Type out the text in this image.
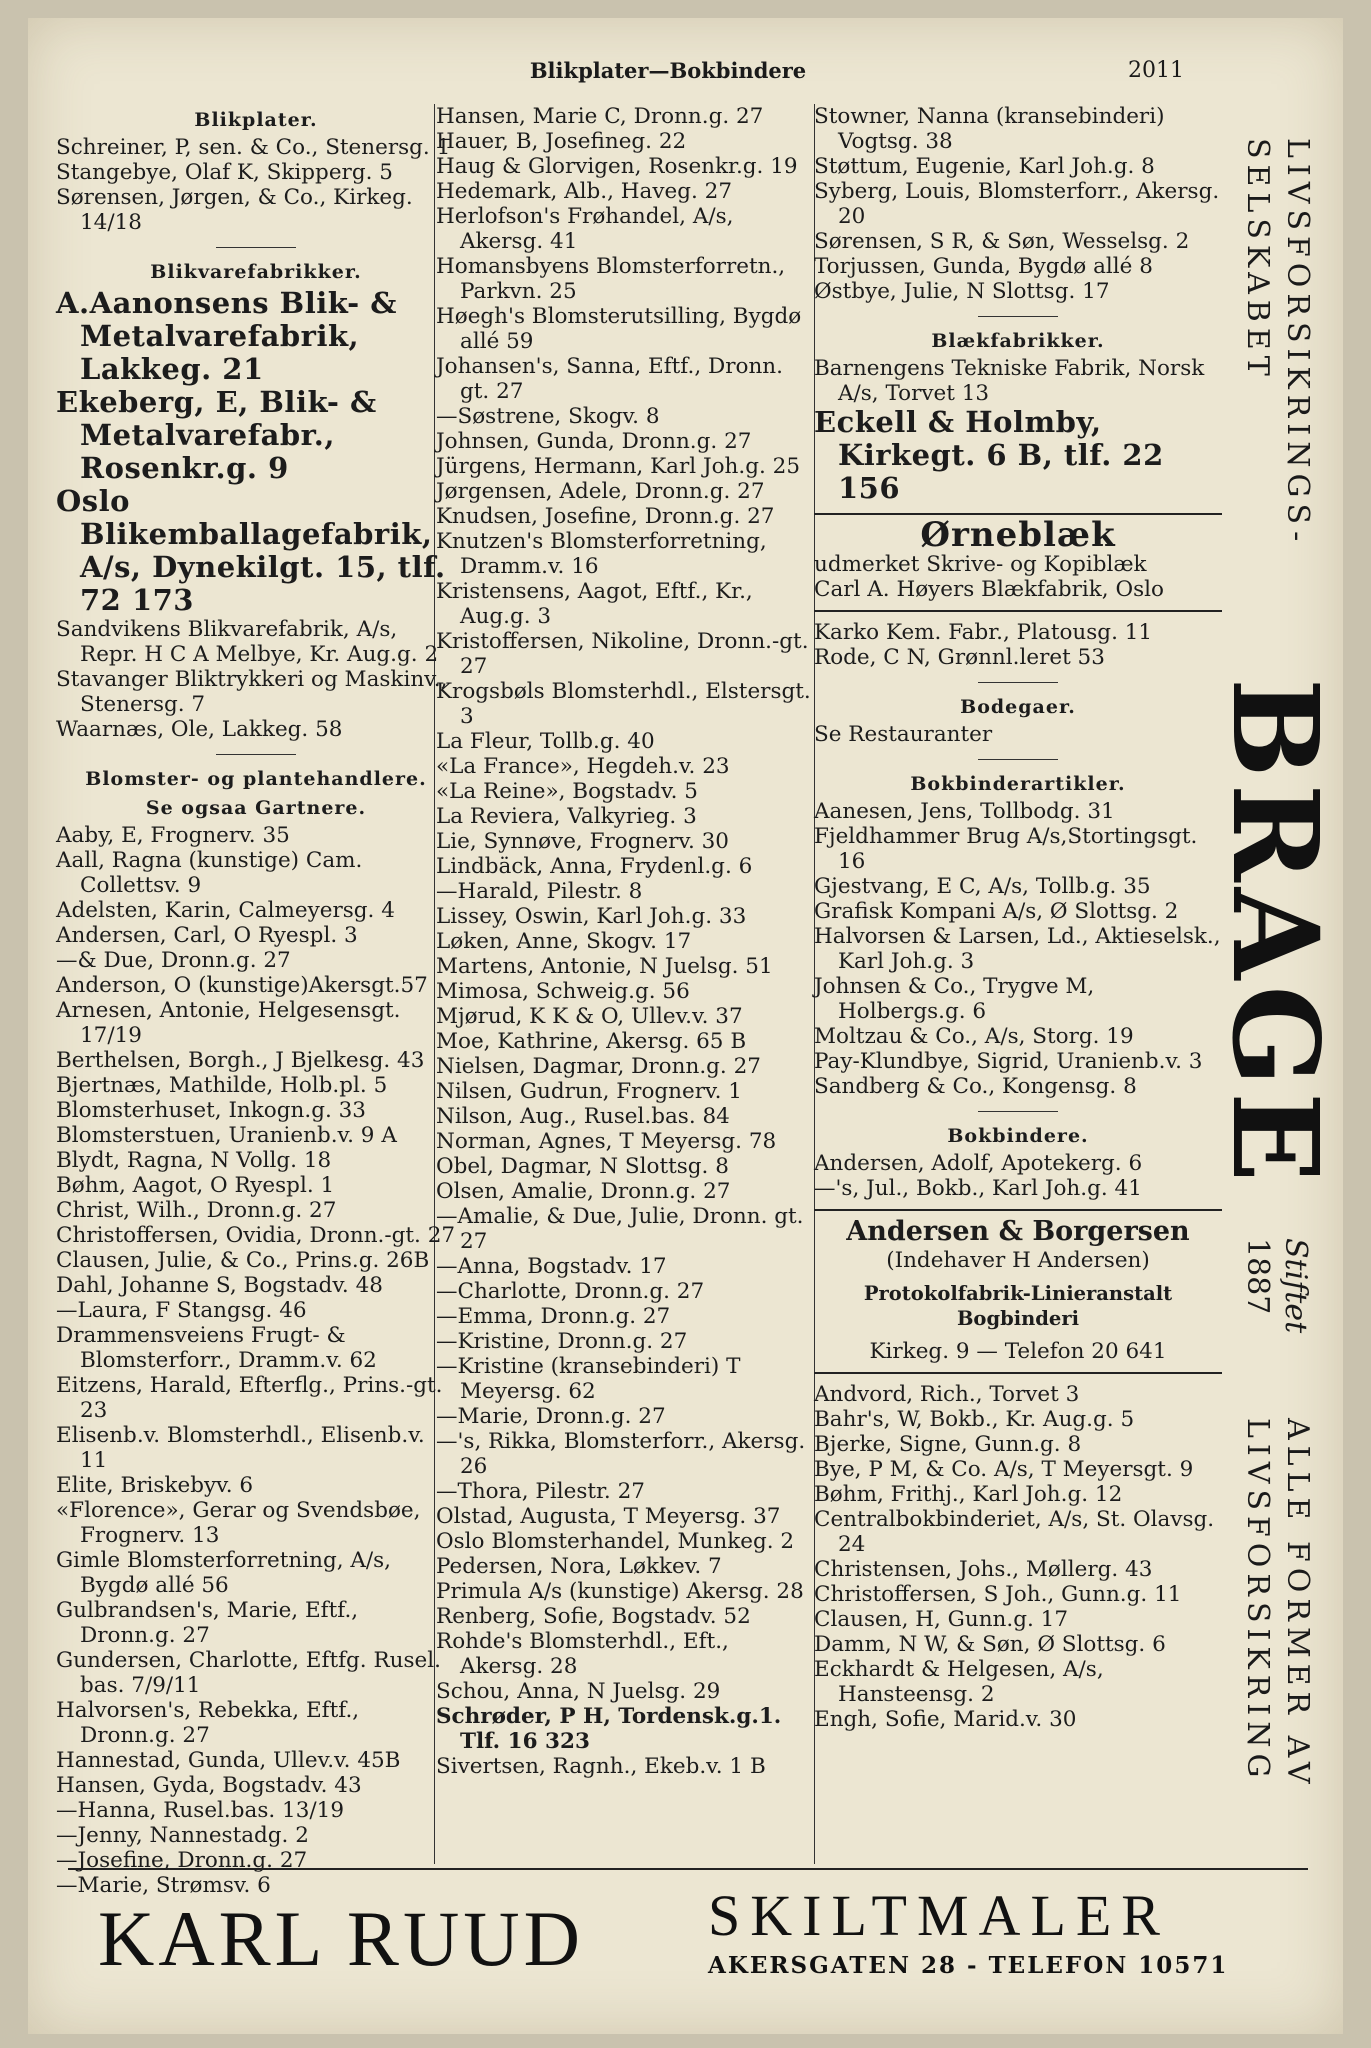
Blikplater—Bokbindere	2011
Blikplater.
Schreiner, P, sen. & Co., Stenersg. 1
Stangebye, Olaf K, Skipperg. 5
Sørensen, Jørgen, & Co., Kirkeg. 14/18
Blikvarefabrikker.
A.Aanonsens Blik- & Metalvarefabrik, Lakkeg. 21
Ekeberg, E, Blik- & Metalvarefabr., Rosenkr.g. 9
Oslo Blikemballagefabrik, A/s, Dynekilgt. 15, tlf. 72 173
Sandvikens Blikvarefabrik, A/s, Repr. H C A Melbye, Kr. Aug.g. 2
Stavanger Bliktrykkeri og Maskinv., Stenersg. 7
Waarnæs, Ole, Lakkeg. 58
Blomster- og plantehandlere.
Se ogsaa Gartnere.
Aaby, E, Frognerv. 35
Aall, Ragna (kunstige) Cam. Collettsv. 9
Adelsten, Karin, Calmeyersg. 4
Andersen, Carl, O Ryespl. 3
—& Due, Dronn.g. 27
Anderson, O (kunstige)Akersgt.57
Arnesen, Antonie, Helgesensgt. 17/19
Berthelsen, Borgh., J Bjelkesg. 43
Bjertnæs, Mathilde, Holb.pl. 5
Blomsterhuset, Inkogn.g. 33
Blomsterstuen, Uranienb.v. 9 A
Blydt, Ragna, N Vollg. 18
Bøhm, Aagot, O Ryespl. 1
Christ, Wilh., Dronn.g. 27
Christoffersen, Ovidia, Dronn.-gt. 27
Clausen, Julie, & Co., Prins.g. 26B
Dahl, Johanne S, Bogstadv. 48
—Laura, F Stangsg. 46
Drammensveiens Frugt- & Blomsterforr., Dramm.v. 62
Eitzens, Harald, Efterflg., Prins.-gt. 23
Elisenb.v. Blomsterhdl., Elisenb.v. 11
Elite, Briskebyv. 6
«Florence», Gerar og Svendsbøe, Frognerv. 13
Gimle Blomsterforretning, A/s, Bygdø allé 56
Gulbrandsen's, Marie, Eftf., Dronn.g. 27
Gundersen, Charlotte, Eftfg. Rusel. bas. 7/9/11
Halvorsen's, Rebekka, Eftf., Dronn.g. 27
Hannestad, Gunda, Ullev.v. 45B
Hansen, Gyda, Bogstadv. 43
—Hanna, Rusel.bas. 13/19
—Jenny, Nannestadg. 2
—Josefine, Dronn.g. 27
—Marie, Strømsv. 6
Hansen, Marie C, Dronn.g. 27
Hauer, B, Josefineg. 22
Haug & Glorvigen, Rosenkr.g. 19
Hedemark, Alb., Haveg. 27
Herlofson's Frøhandel, A/s, Akersg. 41
Homansbyens Blomsterforretn., Parkvn. 25
Høegh's Blomsterutsilling, Bygdø allé 59
Johansen's, Sanna, Eftf., Dronn. gt. 27
—Søstrene, Skogv. 8
Johnsen, Gunda, Dronn.g. 27
Jürgens, Hermann, Karl Joh.g. 25
Jørgensen, Adele, Dronn.g. 27
Knudsen, Josefine, Dronn.g. 27
Knutzen's Blomsterforretning, Dramm.v. 16
Kristensens, Aagot, Eftf., Kr., Aug.g. 3
Kristoffersen, Nikoline, Dronn.-gt. 27
Krogsbøls Blomsterhdl., Elstersgt. 3
La Fleur, Tollb.g. 40
«La France», Hegdeh.v. 23
«La Reine», Bogstadv. 5
La Reviera, Valkyrieg. 3
Lie, Synnøve, Frognerv. 30
Lindbäck, Anna, Frydenl.g. 6
—Harald, Pilestr. 8
Lissey, Oswin, Karl Joh.g. 33
Løken, Anne, Skogv. 17
Martens, Antonie, N Juelsg. 51
Mimosa, Schweig.g. 56
Mjørud, K K & O, Ullev.v. 37
Moe, Kathrine, Akersg. 65 B
Nielsen, Dagmar, Dronn.g. 27
Nilsen, Gudrun, Frognerv. 1
Nilson, Aug., Rusel.bas. 84
Norman, Agnes, T Meyersg. 78
Obel, Dagmar, N Slottsg. 8
Olsen, Amalie, Dronn.g. 27
—Amalie, & Due, Julie, Dronn. gt. 27
—Anna, Bogstadv. 17
—Charlotte, Dronn.g. 27
—Emma, Dronn.g. 27
—Kristine, Dronn.g. 27
—Kristine (kransebinderi) T Meyersg. 62
—Marie, Dronn.g. 27
—'s, Rikka, Blomsterforr., Akersg. 26
—Thora, Pilestr. 27
Olstad, Augusta, T Meyersg. 37
Oslo Blomsterhandel, Munkeg. 2
Pedersen, Nora, Løkkev. 7
Primula A/s (kunstige) Akersg. 28
Renberg, Sofie, Bogstadv. 52
Rohde's Blomsterhdl., Eft., Akersg. 28
Schou, Anna, N Juelsg. 29
Schrøder, P H, Tordensk.g.1. Tlf. 16 323
Sivertsen, Ragnh., Ekeb.v. 1 B
Stowner, Nanna (kransebinderi) Vogtsg. 38
Støttum, Eugenie, Karl Joh.g. 8
Syberg, Louis, Blomsterforr., Akersg. 20
Sørensen, S R, & Søn, Wesselsg. 2
Torjussen, Gunda, Bygdø allé 8
Østbye, Julie, N Slottsg. 17
Blækfabrikker.
Barnengens Tekniske Fabrik, Norsk A/s, Torvet 13
Eckell & Holmby, Kirkegt. 6 B, tlf. 22 156
Ørneblæk
udmerket Skrive- og Kopiblæk
Carl A. Høyers Blækfabrik, Oslo
Karko Kem. Fabr., Platousg. 11
Rode, C N, Grønnl.leret 53
Bodegaer.
Se Restauranter
Bokbinderartikler.
Aanesen, Jens, Tollbodg. 31
Fjeldhammer Brug A/s,Stortingsgt. 16
Gjestvang, E C, A/s, Tollb.g. 35
Grafisk Kompani A/s, Ø Slottsg. 2
Halvorsen & Larsen, Ld., Aktieselsk., Karl Joh.g. 3
Johnsen & Co., Trygve M, Holbergs.g. 6
Moltzau & Co., A/s, Storg. 19
Pay-Klundbye, Sigrid, Uranienb.v. 3
Sandberg & Co., Kongensg. 8
Bokbindere.
Andersen, Adolf, Apotekerg. 6
—'s, Jul., Bokb., Karl Joh.g. 41
Andersen & Borgersen
(Indehaver H Andersen)
Protokolfabrik-Linieranstalt
Bogbinderi
Kirkeg. 9 — Telefon 20 641
Andvord, Rich., Torvet 3
Bahr's, W, Bokb., Kr. Aug.g. 5
Bjerke, Signe, Gunn.g. 8
Bye, P M, & Co. A/s, T Meyersgt. 9
Bøhm, Frithj., Karl Joh.g. 12
Centralbokbinderiet, A/s, St. Olavsg. 24
Christensen, Johs., Møllerg. 43
Christoffersen, S Joh., Gunn.g. 11
Clausen, H, Gunn.g. 17
Damm, N W, & Søn, Ø Slottsg. 6
Eckhardt & Helgesen, A/s, Hansteensg. 2
Engh, Sofie, Marid.v. 30
LIVSFORSIKRINGS-
SELSKABET
BRAGE
Stiftet
1887
ALLE FORMER AV
LIVSFORSIKRING
KARL RUUD SKILTMALER
AKERSGATEN 28 - TELEFON 10571
